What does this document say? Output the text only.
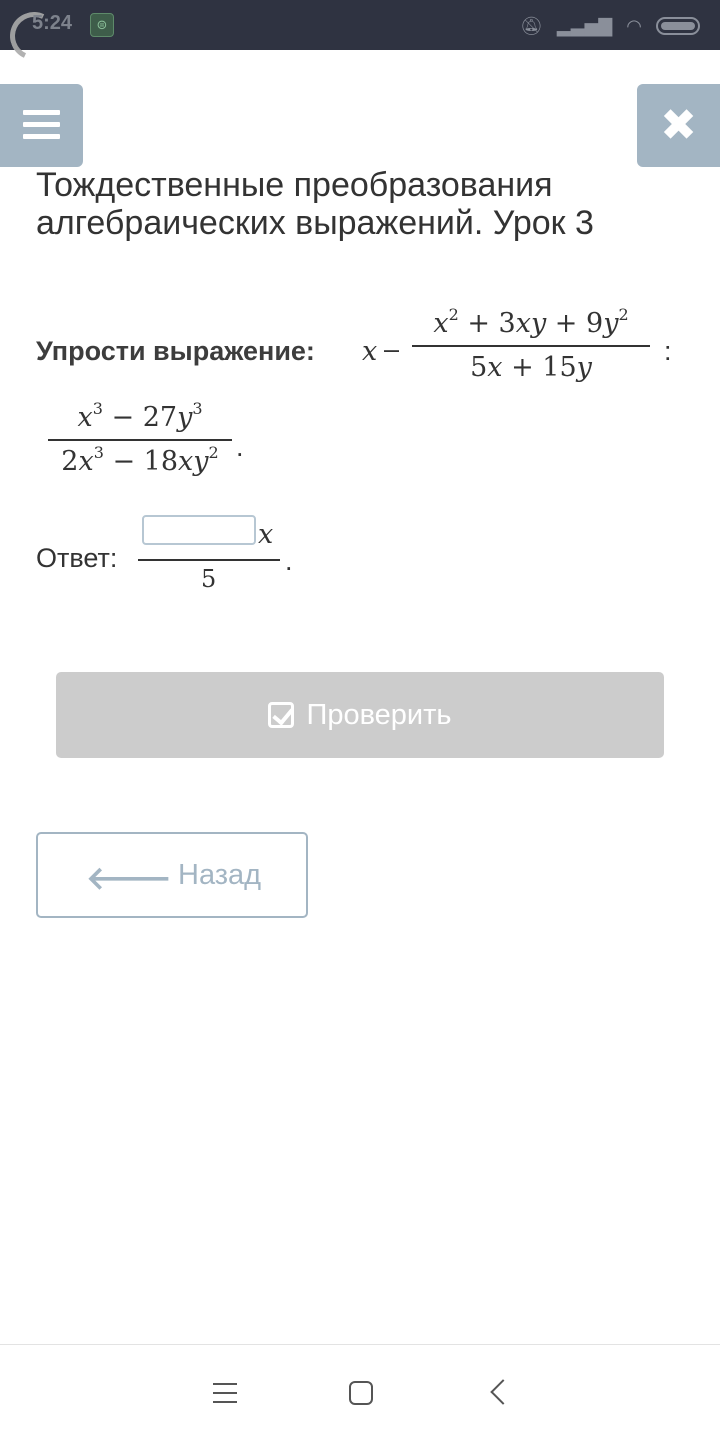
5:24	⊜	🔕︎ ▂▃▅▇ ◠
✖
Тождественные преобразования алгебраических выражений. Урок 3
Упрости выражение: x –
$x^2 + 3xy + 9y^2$
5x + 15y
:
$x^3 - 27y^3$
$2x^3 - 18xy^2$ .
Ответ:
x
5
.
Проверить
🡐 Назад
